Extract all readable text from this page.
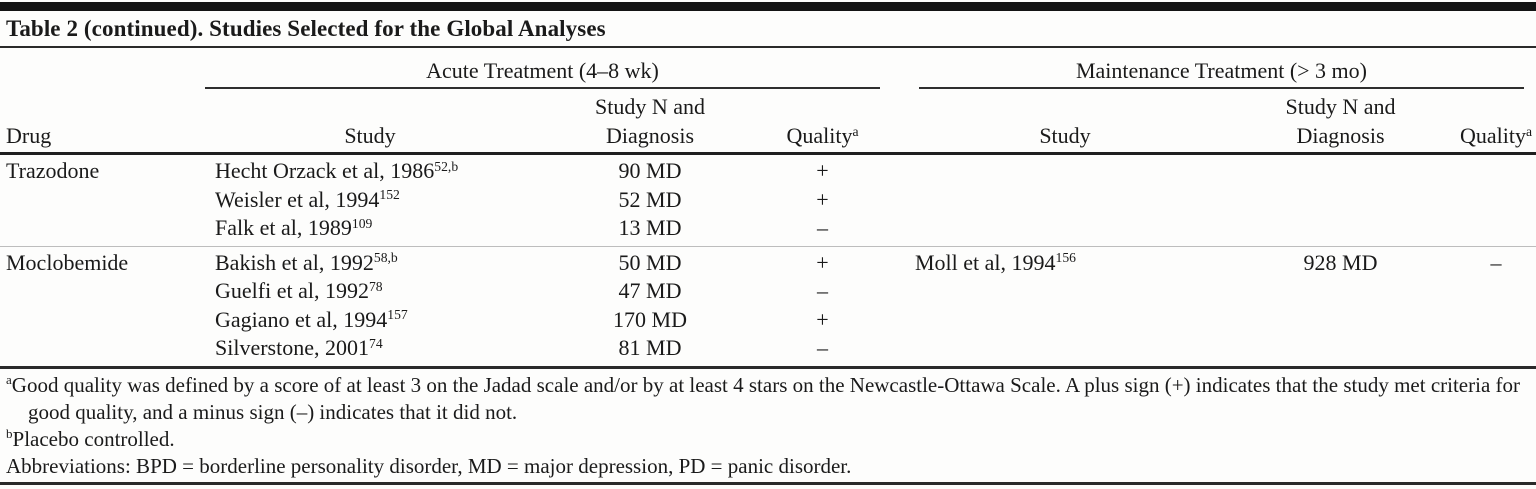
Table 2 (continued). Studies Selected for the Global Analyses
Acute Treatment (4–8 wk)	Maintenance Treatment (> 3 mo)
Drug	Study
Study N and
Diagnosis	Quality$^a$	Study
Study N and
Diagnosis	Quality$^a$
Trazodone	Hecht Orzack et al, 1986$^{52,b}$	90 MD	+
Weisler et al, 1994$^{152}$	52 MD	+
Falk et al, 1989$^{109}$	13 MD	–
Moclobemide	Bakish et al, 1992$^{58,b}$	50 MD	+	Moll et al, 1994$^{156}$	928 MD	–
Guelfi et al, 1992$^{78}$	47 MD	–
Gagiano et al, 1994$^{157}$	170 MD	+
Silverstone, 2001$^{74}$	81 MD	–
$^a$Good quality was defined by a score of at least 3 on the Jadad scale and/or by at least 4 stars on the Newcastle-Ottawa Scale. A plus sign (+) indicates that the study met criteria for good quality, and a minus sign (–) indicates that it did not.
$^b$Placebo controlled.
Abbreviations: BPD = borderline personality disorder, MD = major depression, PD = panic disorder.
